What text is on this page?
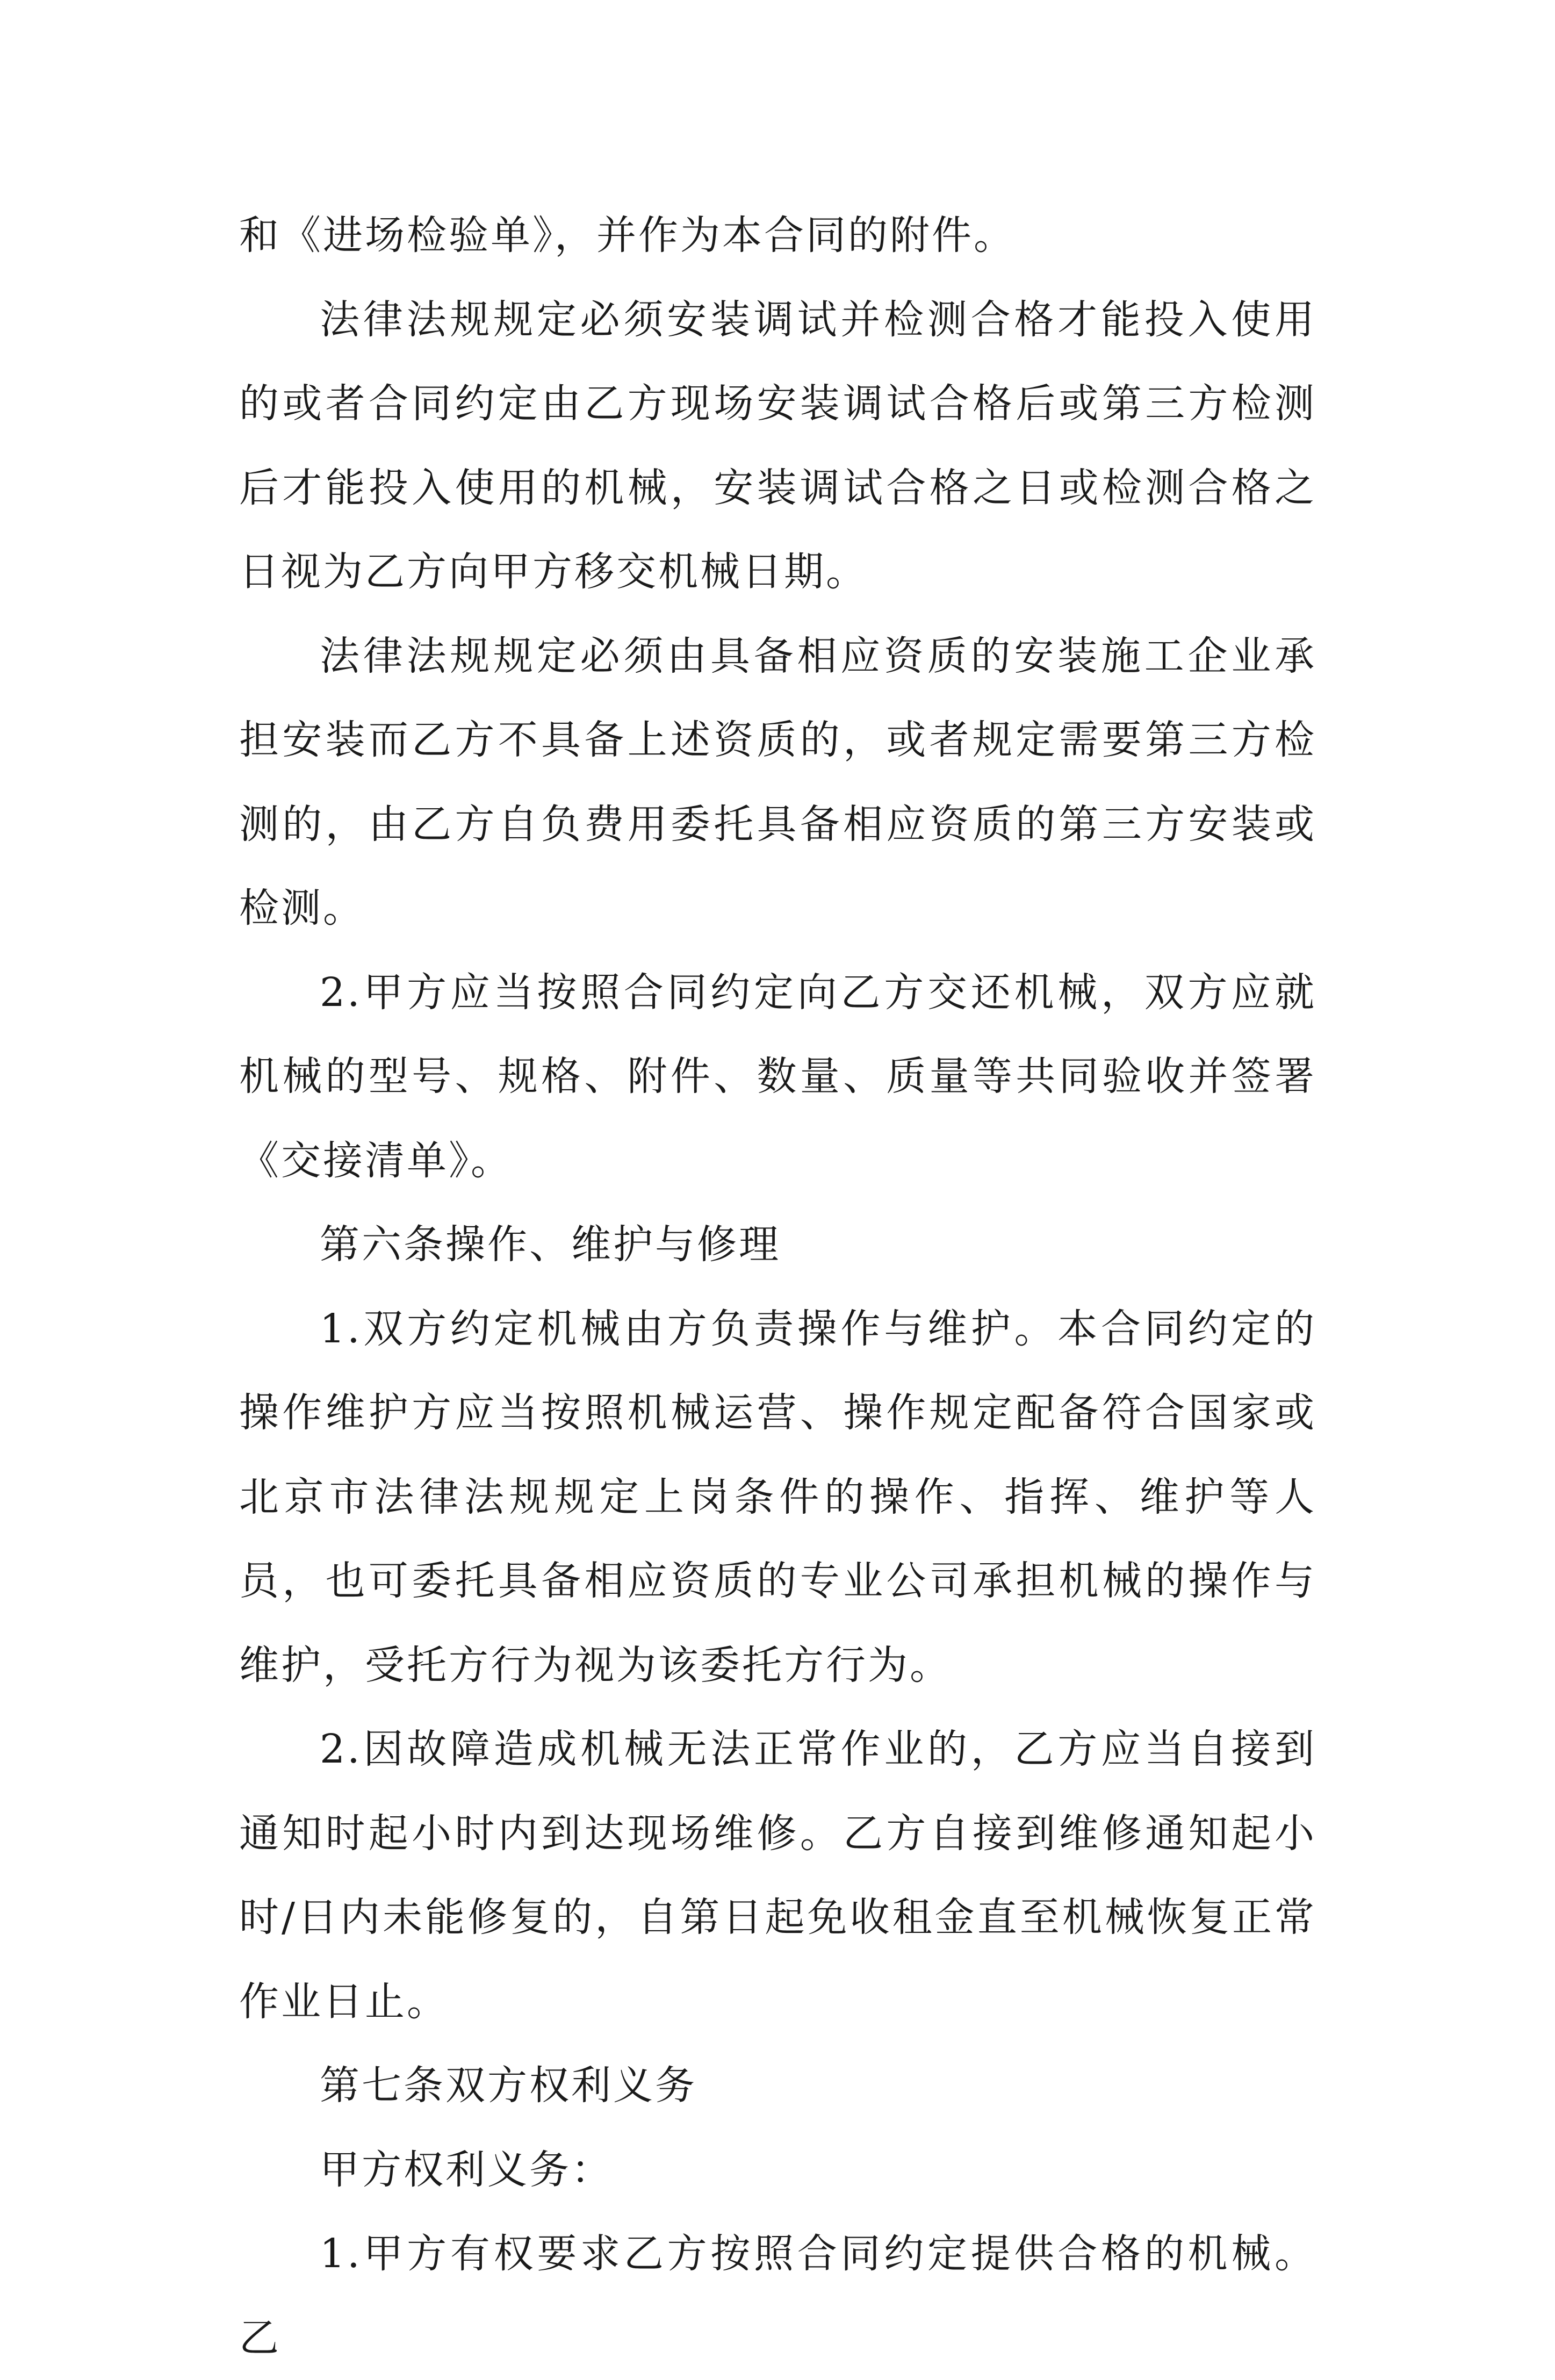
和《进场检验单》，并作为本合同的附件。

法律法规规定必须安装调试并检测合格才能投入使用的或者合同约定由乙方现场安装调试合格后或第三方检测后才能投入使用的机械，安装调试合格之日或检测合格之日视为乙方向甲方移交机械日期。

法律法规规定必须由具备相应资质的安装施工企业承担安装而乙方不具备上述资质的，或者规定需要第三方检测的，由乙方自负费用委托具备相应资质的第三方安装或检测。

2.甲方应当按照合同约定向乙方交还机械，双方应就机械的型号、规格、附件、数量、质量等共同验收并签署《交接清单》。

第六条操作、维护与修理

1.双方约定机械由方负责操作与维护。本合同约定的操作维护方应当按照机械运营、操作规定配备符合国家或北京市法律法规规定上岗条件的操作、指挥、维护等人员，也可委托具备相应资质的专业公司承担机械的操作与维护，受托方行为视为该委托方行为。

2.因故障造成机械无法正常作业的，乙方应当自接到通知时起小时内到达现场维修。乙方自接到维修通知起小时/日内未能修复的，自第日起免收租金直至机械恢复正常作业日止。

第七条双方权利义务

甲方权利义务：

1.甲方有权要求乙方按照合同约定提供合格的机械。乙
